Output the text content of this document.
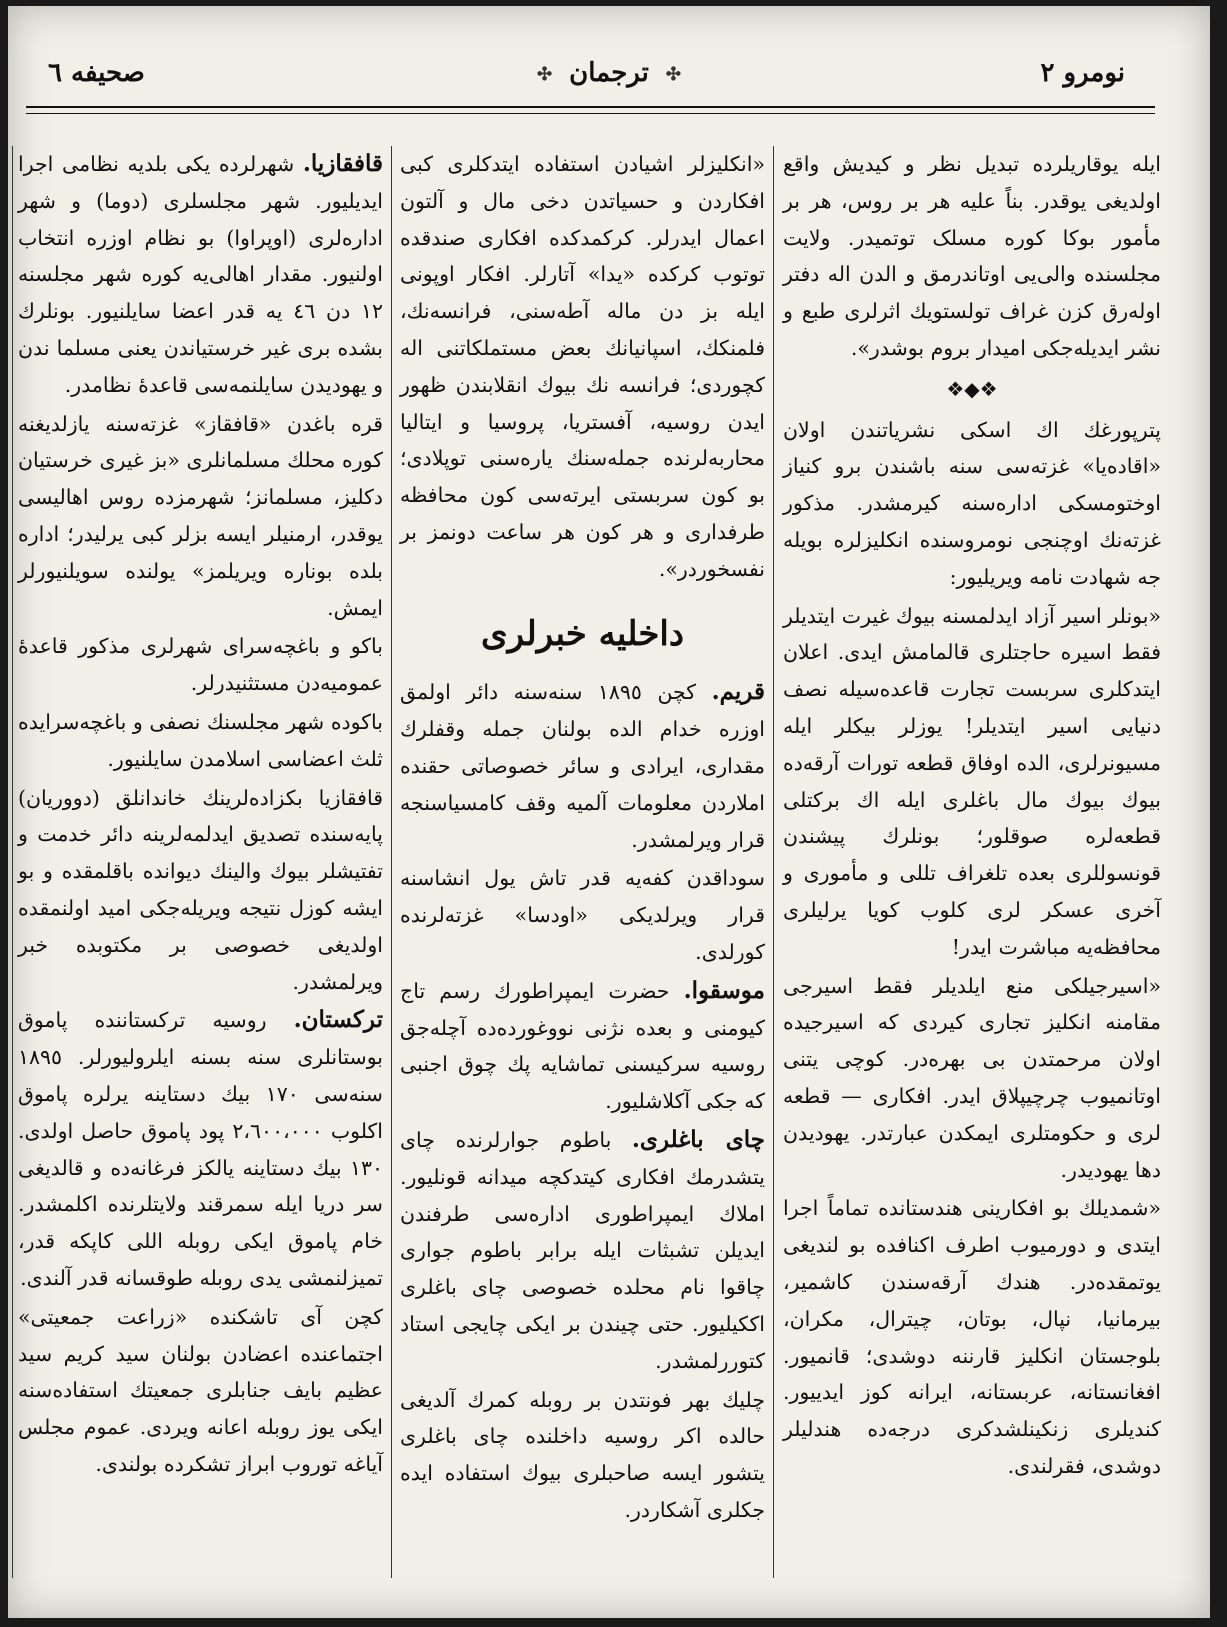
صحیفه ٦	✣ ترجمان ✣	نومرو ٢

ایله یوقاریلرده تبدیل نظر و کیدیش واقع اولدیغی یوقدر. بناً علیه هر بر روس، هر بر مأمور بوکا کوره مسلک توتمیدر. ولایت مجلسنده والی‌یی اوتاندرمق و الدن اله دفتر اوله‌رق کزن غراف تولستویك اثرلری طبع و نشر ایدیله‌جکی امیدار بروم بوشدر».

❖◆❖

پترپورغك اك اسکی نشریاتندن اولان «اقاده‌یا» غزته‌سی سنه باشندن برو کنیاز اوختومسکی اداره‌سنه کیرمشدر. مذکور غزته‌نك اوچنجی نومروسنده انکلیزلره بویله جه شهادت نامه ویریلیور:

«بونلر اسیر آزاد ایدلمسنه بیوك غیرت ایتدیلر فقط اسیره حاجتلری قالمامش ایدی. اعلان ایتدکلری سربست تجارت قاعده‌سیله نصف دنیایی اسیر ایتدیلر! یوزلر بیکلر ایله مسیونرلری، الده اوفاق قطعه تورات آرقه‌ده بیوك بیوك مال باغلری ایله اك برکتلی قطعه‌لره صوقلور؛ بونلرك پیشندن قونسوللری بعده تلغراف تللی و مأموری و آخری عسکر لری کلوب کویا یرلیلری محافظه‌یه مباشرت ایدر!

«اسیرجیلکی منع ایلدیلر فقط اسیرجی مقامنه انکلیز تجاری کیردی که اسیرجیده اولان مرحمتدن بی بهره‌در. کوچی یتنی اوتانمیوب چرچیپلاق ایدر. افکاری — قطعه لری و حکومتلری ایمکدن عبارتدر. یهودیدن دها یهودیدر.

«شمدیلك بو افکارینی هندستانده تماماً اجرا ایتدی و دورمیوب اطرف اکنافده بو لندیغی یوتمقده‌در. هندك آرقه‌سندن کاشمیر، بیرمانیا، نپال، بوتان، چیترال، مکران، بلوجستان انکلیز قارننه دوشدی؛ قانمیور. افغانستانه، عربستانه، ایرانه کوز ایدییور. کندیلری زنکینلشدکری درجه‌ده هندلیلر دوشدی، فقرلندی.

«انکلیزلر اشیادن استفاده ایتدکلری کبی افکاردن و حسیاتدن دخی مال و آلتون اعمال ایدرلر. کرکمدکده افکاری صندقده توتوب کرکده «یدا» آتارلر. افکار اوپونی ایله بز دن ماله آطه‌سنی، فرانسه‌نك، فلمنکك، اسپانیانك بعض مستملکاتنی اله کچوردی؛ فرانسه نك بیوك انقلابندن ظهور ایدن روسیه، آفستریا، پروسیا و ایتالیا محاربه‌لرنده جمله‌سنك یاره‌سنی توپلادی؛ بو کون سربستی ایرته‌سی کون محافظه طرفداری و هر کون هر ساعت دونمز بر نفسخوردر».

داخلیه خبرلری

قریم. کچن ١٨٩٥ سنه‌سنه دائر اولمق اوزره خدام الده بولنان جمله وقفلرك مقدارى، ایرادی و سائر خصوصاتی حقنده املاردن معلومات آلمیه وقف کامسیاسنجه قرار ویرلمشدر.

سوداقدن کفه‌یه قدر تاش یول انشاسنه قرار ویرلدیکی «اودسا» غزته‌لرنده کورلدی.

موسقوا. حضرت ایمپراطورك رسم تاج کیومنی و بعده نژنی نووغورده‌ده آچله‌جق روسیه سرکیسنی تماشایه پك چوق اجنبی که جکی آکلاشلیور.

چای باغلری. باطوم جوارلرنده چای یتشدرمك افکاری کیتدکچه میدانه قونلیور. املاك ایمپراطوری اداره‌سی طرفندن ایدیلن تشبثات ایله برابر باطوم جواری چاقوا نام محلده خصوصی چای باغلری اککیلیور. حتی چیندن بر ایکی چایجی استاد کتوررلمشدر.

چلیك بهر فونتدن بر روبله کمرك آلدیغی حالده اکر روسیه داخلنده چای باغلری یتشور ایسه صاحبلری بیوك استفاده ایده جکلری آشکاردر.

قافقازیا. شهرلرده یکی بلدیه نظامی اجرا ایدیلیور. شهر مجلسلری (دوما) و شهر اداره‌لری (اوپراوا) بو نظام اوزره انتخاب اولنیور. مقدار اهالی‌یه کوره شهر مجلسنه ١٢ دن ٤٦ یه قدر اعضا سایلنیور. بونلرك بشده بری غیر خرستیاندن یعنی مسلما ندن و یهودیدن سایلنمه‌سی قاعدهٔ نظامدر.

قره باغدن «قافقاز» غزته‌سنه یازلدیغنه کوره محلك مسلمانلری «بز غیری خرستیان دکلیز، مسلمانز؛ شهرمزده روس اهالیسی یوقدر، ارمنیلر ایسه بزلر کبی یرلیدر؛ اداره بلده بوناره ویریلمز» یولنده سویلنیورلر ایمش.

باکو و باغچه‌سرای شهرلری مذکور قاعدهٔ عمومیه‌دن مستثنیدرلر.

باکوده شهر مجلسنك نصفی و باغچه‌سرایده ثلث اعضاسی اسلامدن سایلنیور.

قافقازیا بکزاده‌لرینك خاندانلق (دووریان) پایه‌سنده تصدیق ایدلمه‌لرینه دائر خدمت و تفتیشلر بیوك والینك دیوانده باقلمقده و بو ایشه کوزل نتیجه ویریله‌جکی امید اولنمقده اولدیغی خصوصی بر مکتوبده خبر ویرلمشدر.

ترکستان. روسیه ترکستاننده پاموق بوستانلری سنه بسنه ایلرولیورلر. ١٨٩٥ سنه‌سی ١٧٠ بیك دستاینه یرلره پاموق اکلوب ٢،٦٠٠،٠٠٠ پود پاموق حاصل اولدی. ١٣٠ بیك دستاینه یالکز فرغانه‌ده و قالدیغی سر دریا ایله سمرقند ولایتلرنده اکلمشدر. خام پاموق ایکی روبله اللی کاپکه قدر، تمیزلنمشی یدی روبله طوقسانه قدر آلندی.

کچن آی تاشکنده «زراعت جمعیتی» اجتماعنده اعضادن بولنان سید کریم سید عظیم بایف جنابلری جمعیتك استفاده‌سنه ایکی یوز روبله اعانه ویردی. عموم مجلس آیاغه توروب ابراز تشکرده بولندی.
